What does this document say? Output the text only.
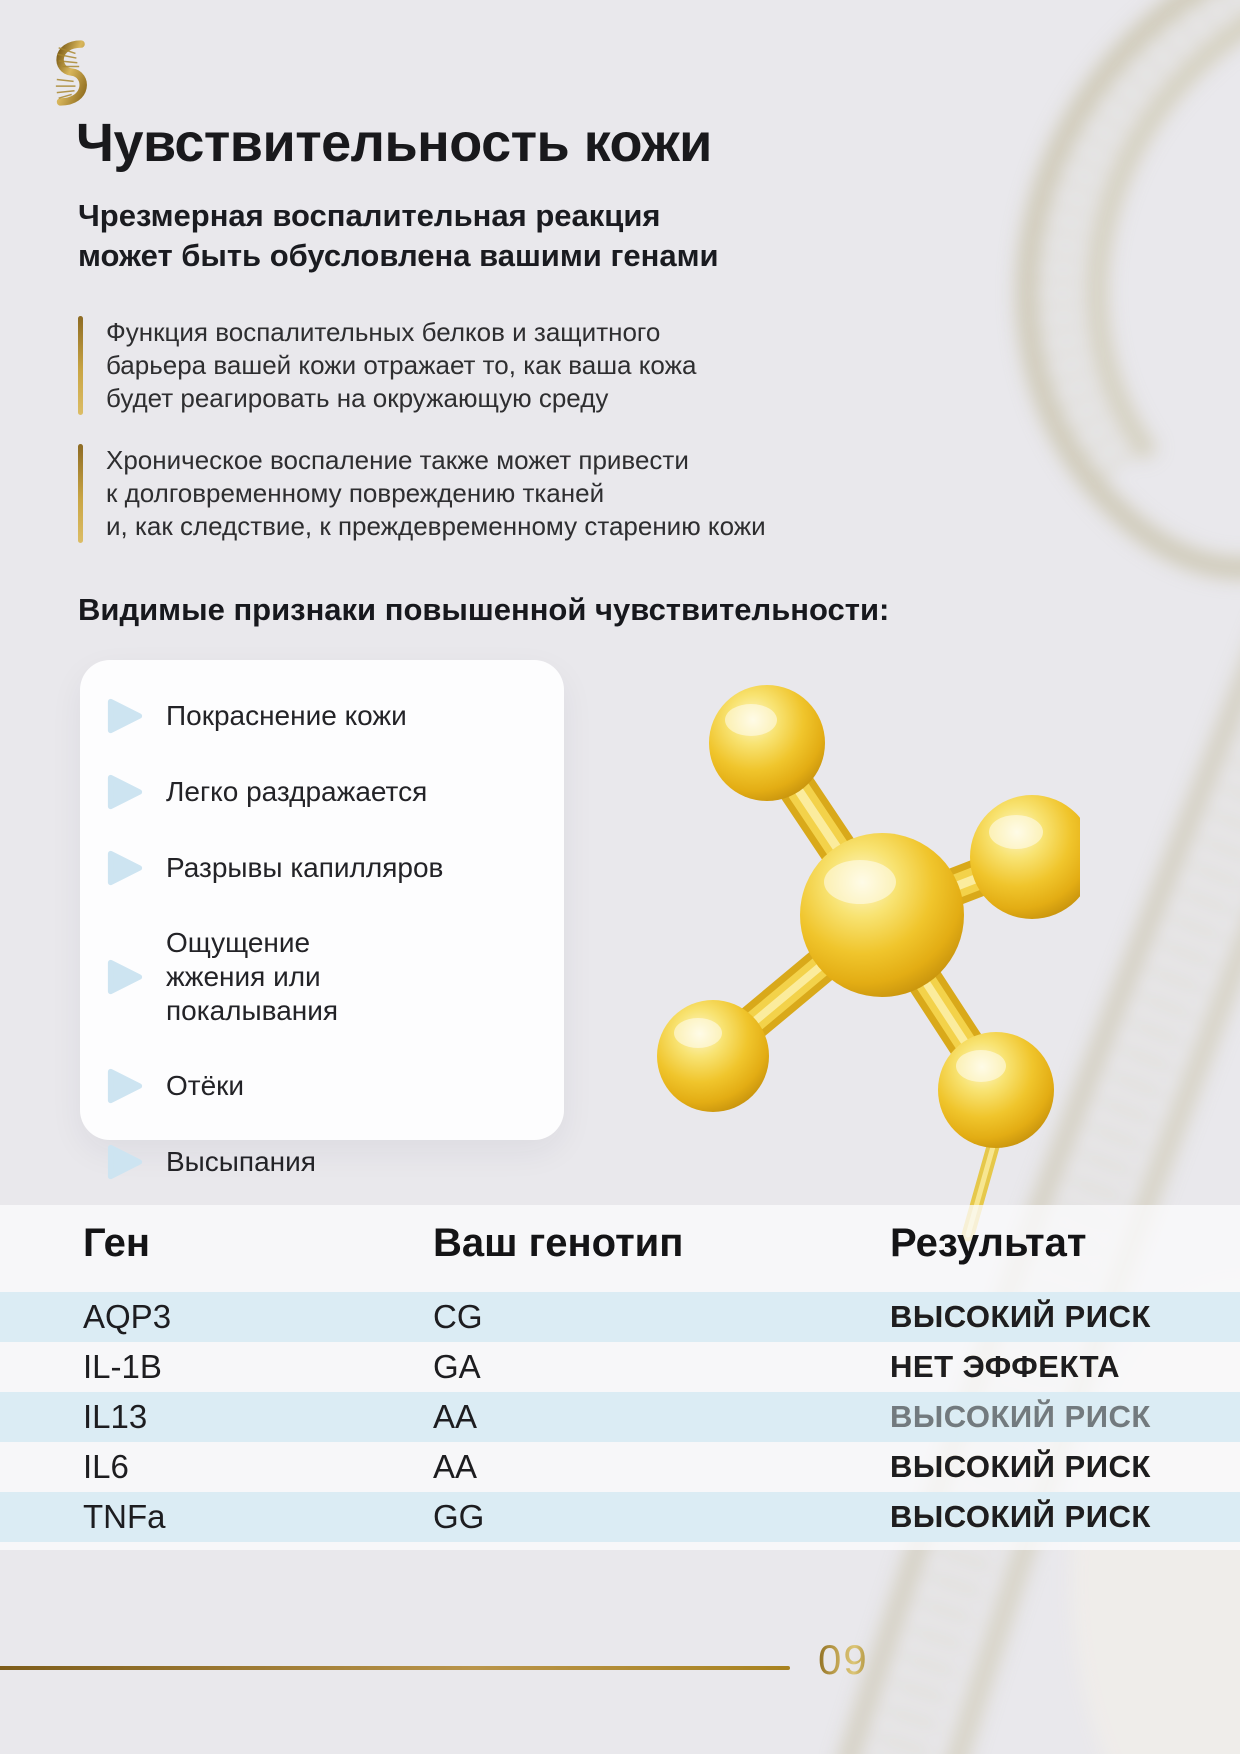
Чувствительность кожи
Чрезмерная воспалительная реакция
может быть обусловлена вашими генами
Функция воспалительных белков и защитного
барьера вашей кожи отражает то, как ваша кожа
будет реагировать на окружающую среду
Хроническое воспаление также может привести
к долговременному повреждению тканей
и, как следствие, к преждевременному старению кожи
Видимые признаки повышенной чувствительности:
Покраснение кожи
Легко раздражается
Разрывы капилляров
Ощущение жжения или покалывания
Отёки
Высыпания
Ген	Ваш генотип	Результат
AQP3	CG	ВЫСОКИЙ РИСК
IL-1B	GA	НЕТ ЭФФЕКТА
IL13	AA	ВЫСОКИЙ РИСК
IL6	AA	ВЫСОКИЙ РИСК
TNFa	GG	ВЫСОКИЙ РИСК
09
